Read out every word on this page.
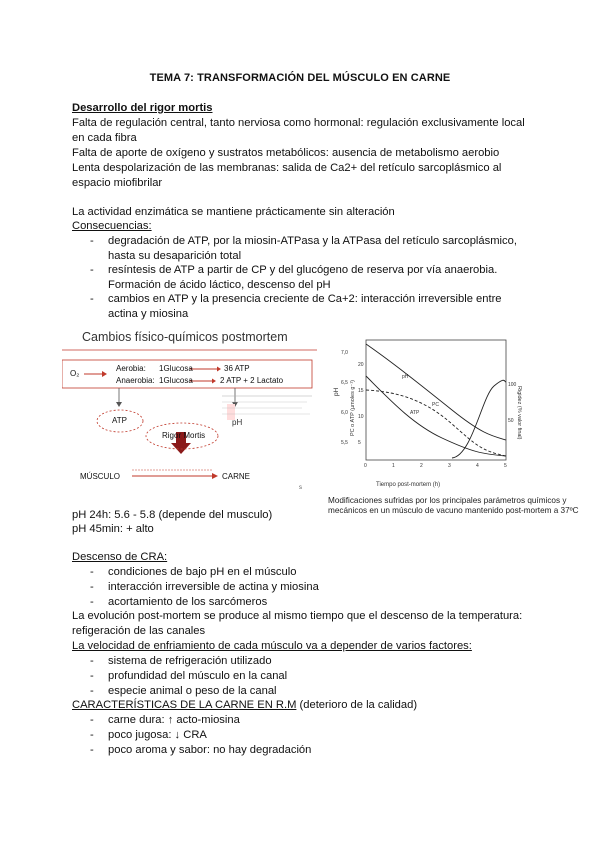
TEMA 7: TRANSFORMACIÓN DEL MÚSCULO EN CARNE
Desarrollo del rigor mortis
Falta de regulación central, tanto nerviosa como hormonal: regulación exclusivamente local
en cada fibra
Falta de aporte de oxígeno y sustratos metabólicos: ausencia de metabolismo aerobio
Lenta despolarización de las membranas: salida de Ca2+ del retículo sarcoplásmico al
espacio miofibrilar
La actividad enzimática se mantiene prácticamente sin alteración
Consecuencias:
- degradación de ATP, por la miosin-ATPasa y la ATPasa del retículo sarcoplásmico,
hasta su desaparición total
- resíntesis de ATP a partir de CP y del glucógeno de reserva por vía anaerobia.
Formación de ácido láctico, descenso del pH
- cambios en ATP y la presencia creciente de Ca+2: interacción irreversible entre
actina y miosina
Cambios físico-químicos postmortem
s
O₂
Aerobia: 1Glucosa	36 ATP
Anaerobia: 1Glucosa	2 ATP + 2 Lactato
ATP	pH
Rigor Mortis
MÚSCULO	CARNE
pH PC o ATP (µmoles g⁻¹)	Rigidez (% valor final)
Tiempo post-mortem (h)
0	1	2	3	4	5
7,0
6,5
6,0
5,5
20
15
10
5
100
50
pH
PC
ATP
Modificaciones sufridas por los principales parámetros químicos y
mecánicos en un músculo de vacuno mantenido post-mortem a 37ºC
pH 24h: 5.6 - 5.8 (depende del musculo)
pH 45min: + alto
Descenso de CRA:
- condiciones de bajo pH en el músculo
- interacción irreversible de actina y miosina
- acortamiento de los sarcómeros
La evolución post-mortem se produce al mismo tiempo que el descenso de la temperatura:
refigeración de las canales
La velocidad de enfriamiento de cada músculo va a depender de varios factores:
- sistema de refrigeración utilizado
- profundidad del músculo en la canal
- especie animal o peso de la canal
CARACTERÍSTICAS DE LA CARNE EN R.M (deterioro de la calidad)
- carne dura: ↑ acto-miosina
- poco jugosa: ↓ CRA
- poco aroma y sabor: no hay degradación
